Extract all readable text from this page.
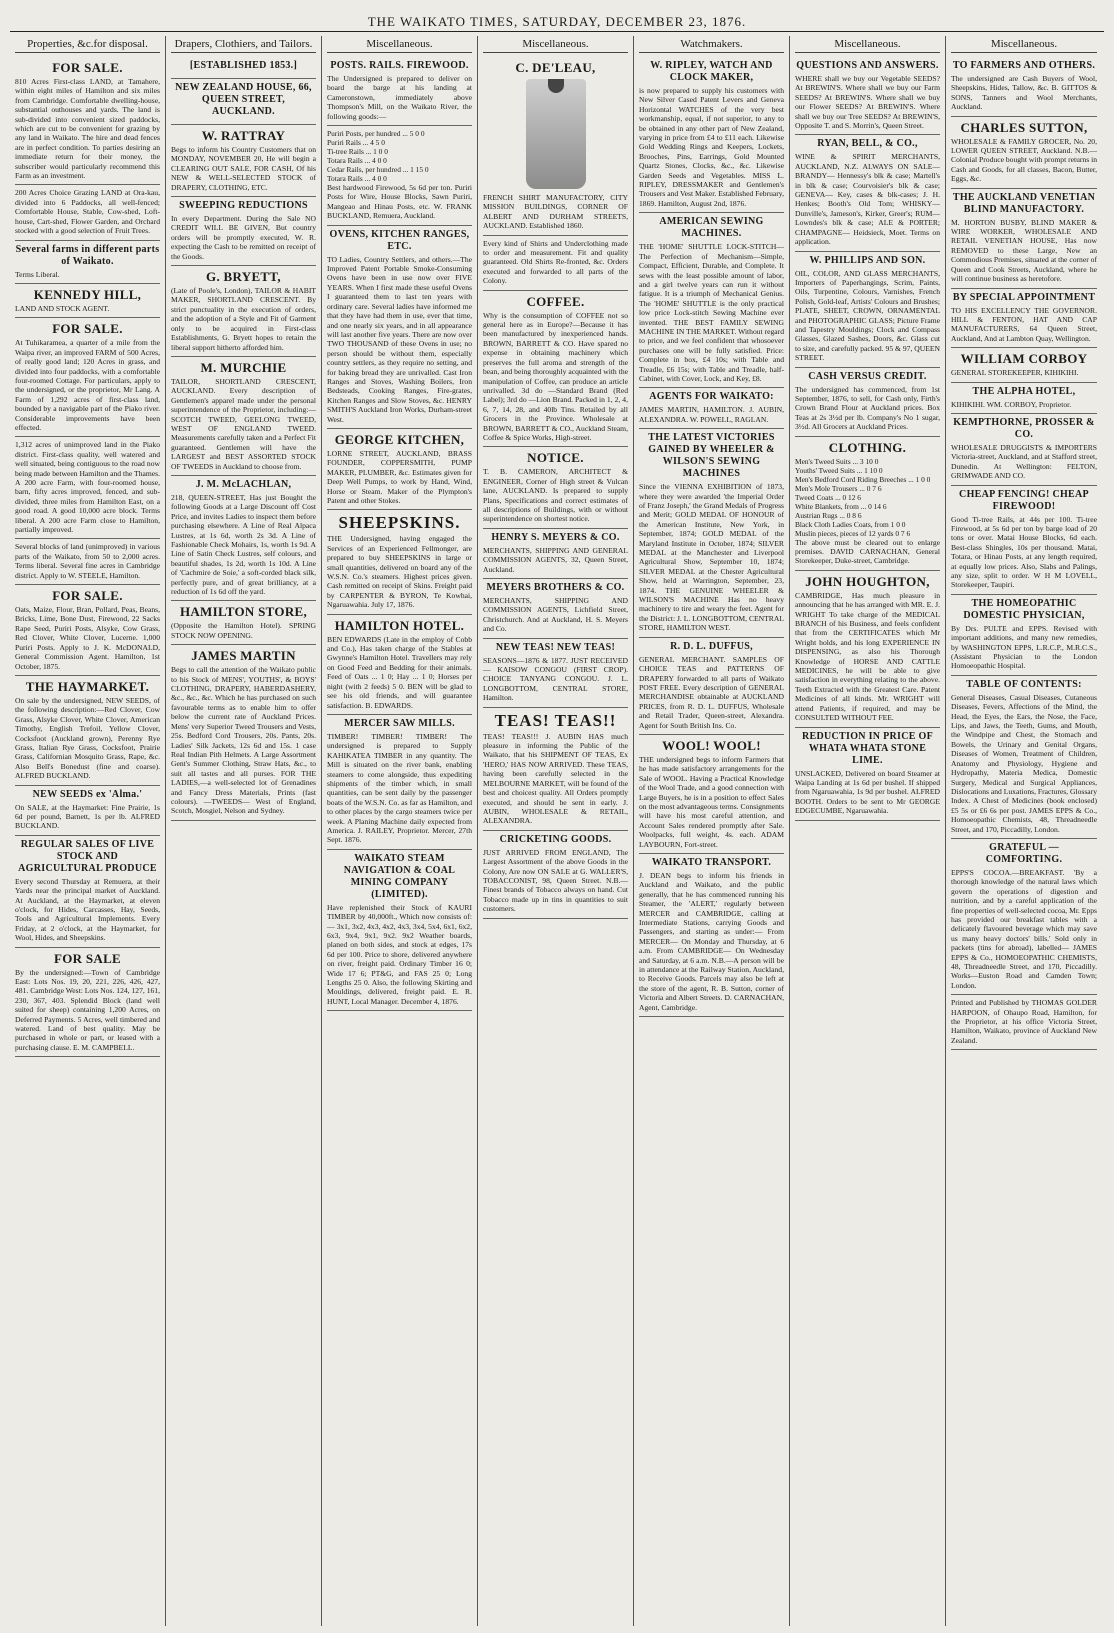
THE WAIKATO TIMES, SATURDAY, DECEMBER 23, 1876.
Properties, &c.for disposal.
FOR SALE.
810 Acres First-class LAND, at Tamahere, within eight miles of Hamilton and six miles from Cambridge. Comfortable dwelling-house, substantial outhouses and yards. The land is sub-divided into convenient sized paddocks, which are cut to be convenient for grazing by any land in Waikato. The hire and dead fences are in perfect condition. To parties desiring an immediate return for their money, the subscriber would particularly recommend this Farm as an investment.
200 Acres Choice Grazing LAND at Ora-kau, divided into 6 Paddocks, all well-fenced; Comfortable House, Stable, Cow-shed, Loft-house, Cart-shed, Flower Garden, and Orchard stocked with a good selection of Fruit Trees.
Several farms in different parts of Waikato.
Terms Liberal.
KENNEDY HILL,
LAND AND STOCK AGENT.
FOR SALE.
At Tuhikaramea, a quarter of a mile from the Waipa river, an improved FARM of 500 Acres, of really good land; 120 Acres in grass, and divided into four paddocks, with a comfortable four-roomed Cottage. For particulars, apply to the undersigned, or the proprietor, Mr Lang. A Farm of 1,292 acres of first-class land, bounded by a navigable part of the Piako river. Considerable improvements have been effected.
1,312 acres of unimproved land in the Piako district. First-class quality, well watered and well situated, being contiguous to the road now being made between Hamilton and the Thames. A 200 acre Farm, with four-roomed house, barn, fifty acres improved, fenced, and sub-divided, three miles from Hamilton East, on a good road. A good 10,000 acre block. Terms liberal. A 200 acre Farm close to Hamilton, partially improved.
Several blocks of land (unimproved) in various parts of the Waikato, from 50 to 2,000 acres. Terms liberal. Several fine acres in Cambridge district. Apply to W. STEELE, Hamilton.
FOR SALE.
Oats, Maize, Flour, Bran, Pollard, Peas, Beans, Bricks, Lime, Bone Dust, Firewood, 22 Sacks Rape Seed, Puriri Posts, Alsyke, Cow Grass, Red Clover, White Clover, Lucerne. 1,000 Puriri Posts. Apply to J. K. McDONALD, General Commission Agent. Hamilton, 1st October, 1875.
THE HAYMARKET.
On sale by the undersigned, NEW SEEDS, of the following description:—Red Clover, Cow Grass, Alsyke Clover, White Clover, American Timothy, English Trefoil, Yellow Clover, Cocksfoot (Auckland grown), Perenny Rye Grass, Italian Rye Grass, Cocksfoot, Prairie Grass, Californian Mosquito Grass, Rape, &c. Also Bell's Bonedust (fine and coarse). ALFRED BUCKLAND.
NEW SEEDS ex 'Alma.'
On SALE, at the Haymarket: Fine Prairie, 1s 6d per pound, Barnett, 1s per lb. ALFRED BUCKLAND.
REGULAR SALES OF LIVE STOCK AND AGRICULTURAL PRODUCE
Every second Thursday at Remuera, at their Yards near the principal market of Auckland. At Auckland, at the Haymarket, at eleven o'clock, for Hides, Carcasses, Hay, Seeds, Tools and Agricultural Implements. Every Friday, at 2 o'clock, at the Haymarket, for Wool, Hides, and Sheepskins.
FOR SALE
By the undersigned:—Town of Cambridge East: Lots Nos. 19, 20, 221, 226, 426, 427, 481. Cambridge West: Lots Nos. 124, 127, 161, 230, 367, 403. Splendid Block (land well suited for sheep) containing 1,200 Acres, on Deferred Payments. 5 Acres, well timbered and watered. Land of best quality. May be purchased in whole or part, or leased with a purchasing clause. E. M. CAMPBELL.
Drapers, Clothiers, and Tailors.
[ESTABLISHED 1853.]
NEW ZEALAND HOUSE, 66, QUEEN STREET, AUCKLAND.
W. RATTRAY
Begs to inform his Country Customers that on MONDAY, NOVEMBER 20, He will begin a CLEARING OUT SALE, FOR CASH, Of his NEW & WELL-SELECTED STOCK of DRAPERY, CLOTHING, ETC.
SWEEPING REDUCTIONS
In every Department. During the Sale NO CREDIT WILL BE GIVEN, But country orders will be promptly executed, W. R. expecting the Cash to be remitted on receipt of the Goods.
G. BRYETT,
(Late of Poole's, London), TAILOR & HABIT MAKER, SHORTLAND CRESCENT. By strict punctuality in the execution of orders, and the adoption of a Style and Fit of Garment only to be acquired in First-class Establishments, G. Bryett hopes to retain the liberal support hitherto afforded him.
M. MURCHIE
TAILOR, SHORTLAND CRESCENT, AUCKLAND. Every description of Gentlemen's apparel made under the personal superintendence of the Proprietor, including:—SCOTCH TWEED, GEELONG TWEED, WEST OF ENGLAND TWEED. Measurements carefully taken and a Perfect Fit guaranteed. Gentlemen will have the LARGEST and BEST ASSORTED STOCK OF TWEEDS in Auckland to choose from.
J. M. McLACHLAN,
218, QUEEN-STREET, Has just Bought the following Goods at a Large Discount off Cost Price, and invites Ladies to inspect them before purchasing elsewhere. A Line of Real Alpaca Lustres, at 1s 6d, worth 2s 3d. A Line of Fashionable Check Mohairs, 1s, worth 1s 9d. A Line of Satin Check Lustres, self colours, and beautiful shades, 1s 2d, worth 1s 10d. A Line of 'Cachmire de Soie,' a soft-corded black silk, perfectly pure, and of great brilliancy, at a reduction of 1s 6d off the yard.
HAMILTON STORE,
(Opposite the Hamilton Hotel). SPRING STOCK NOW OPENING.
JAMES MARTIN
Begs to call the attention of the Waikato public to his Stock of MENS', YOUTHS', & BOYS' CLOTHING, DRAPERY, HABERDASHERY, &c., &c., &c. Which he has purchased on such favourable terms as to enable him to offer below the current rate of Auckland Prices. Mens' very Superior Tweed Trousers and Vests, 25s. Bedford Cord Trousers, 20s. Pants, 20s. Ladies' Silk Jackets, 12s 6d and 15s. 1 case Real Indian Pith Helmets. A Large Assortment Gent's Summer Clothing, Straw Hats, &c., to suit all tastes and all purses. FOR THE LADIES,—a well-selected lot of Grenadines and Fancy Dress Materials, Prints (fast colours). —TWEEDS— West of England, Scotch, Mosgiel, Nelson and Sydney.
Miscellaneous.
POSTS. RAILS. FIREWOOD.
The Undersigned is prepared to deliver on board the barge at his landing at Cameronstown, immediately above Thompson's Mill, on the Waikato River, the following goods:—
Puriri Posts, per hundred ... 5 0 0
Puriri Rails ... 4 5 0
Ti-tree Rails ... 1 0 0
Totara Rails ... 4 0 0
Cedar Rails, per hundred ... 1 15 0
Totara Rails ... 4 0 0
Best hardwood Firewood, 5s 6d per ton. Puriri Posts for Wire, House Blocks, Sawn Puriri, Mangeao and Hinau Posts, etc. W. FRANK BUCKLAND, Remuera, Auckland.
OVENS, KITCHEN RANGES, ETC.
TO Ladies, Country Settlers, and others.—The Improved Patent Portable Smoke-Consuming Ovens have been in use now over FIVE YEARS. When I first made these useful Ovens I guaranteed them to last ten years with ordinary care. Several ladies have informed me that they have had them in use, ever that time, and one nearly six years, and in all appearance will last another five years. There are now over TWO THOUSAND of these Ovens in use; no person should be without them, especially country settlers, as they require no setting, and for baking bread they are unrivalled. Cast Iron Ranges and Stoves, Washing Boilers, Iron Bedsteads, Cooking Ranges, Fire-grates, Kitchen Ranges and Slow Stoves, &c. HENRY SMITH'S Auckland Iron Works, Durham-street West.
GEORGE KITCHEN,
LORNE STREET, AUCKLAND, BRASS FOUNDER, COPPERSMITH, PUMP MAKER, PLUMBER, &c. Estimates given for Deep Well Pumps, to work by Hand, Wind, Horse or Steam. Maker of the Plympton's Patent and other Stokes.
SHEEPSKINS.
THE Undersigned, having engaged the Services of an Experienced Fellmonger, are prepared to buy SHEEPSKINS in large or small quantities, delivered on board any of the W.S.N. Co.'s steamers. Highest prices given. Cash remitted on receipt of Skins. Freight paid by CARPENTER & BYRON, Te Kowhai, Ngaruawahia. July 17, 1876.
HAMILTON HOTEL.
BEN EDWARDS (Late in the employ of Cobb and Co.), Has taken charge of the Stables at Gwynne's Hamilton Hotel. Travellers may rely on Good Feed and Bedding for their animals. Feed of Oats ... 1 0; Hay ... 1 0; Horses per night (with 2 feeds) 5 0. BEN will be glad to see his old friends, and will guarantee satisfaction. B. EDWARDS.
MERCER SAW MILLS.
TIMBER! TIMBER! TIMBER! The undersigned is prepared to Supply KAHIKATEA TIMBER in any quantity. The Mill is situated on the river bank, enabling steamers to come alongside, thus expediting shipments of the timber which, in small quantities, can be sent daily by the passenger boats of the W.S.N. Co. as far as Hamilton, and to other places by the cargo steamers twice per week. A Planing Machine daily expected from America. J. RAILEY, Proprietor. Mercer, 27th Sept. 1876.
WAIKATO STEAM NAVIGATION & COAL MINING COMPANY (LIMITED).
Have replenished their Stock of KAURI TIMBER by 40,000ft., Which now consists of:— 3x1, 3x2, 4x3, 4x2, 4x3, 3x4, 5x4, 6x1, 6x2, 6x3, 9x4, 9x1, 9x2. 9x2 Weather boards, planed on both sides, and stock at edges, 17s 6d per 100. Price to shore, delivered anywhere on river, freight paid. Ordinary Timber 16 0; Wide 17 6; PT&G, and FAS 25 0; Long Lengths 25 0. Also, the following Skirting and Mouldings, delivered, freight paid. E. R. HUNT, Local Manager. December 4, 1876.
Miscellaneous.
C. DE'LEAU,
FRENCH SHIRT MANUFACTORY, CITY MISSION BUILDINGS, CORNER OF ALBERT AND DURHAM STREETS, AUCKLAND. Established 1860.
Every kind of Shirts and Underclothing made to order and measurement. Fit and quality guaranteed. Old Shirts Re-fronted, &c. Orders executed and forwarded to all parts of the Colony.
COFFEE.
Why is the consumption of COFFEE not so general here as in Europe?—Because it has been manufactured by inexperienced hands. BROWN, BARRETT & CO. Have spared no expense in obtaining machinery which preserves the full aroma and strength of the bean, and being thoroughly acquainted with the manipulation of Coffee, can produce an article unrivalled. 3d do —Standard Brand (Red Label); 3rd do —Lion Brand. Packed in 1, 2, 4, 6, 7, 14, 28, and 40lb Tins. Retailed by all Grocers in the Province. Wholesale at BROWN, BARRETT & CO., Auckland Steam, Coffee & Spice Works, High-street.
NOTICE.
T. B. CAMERON, ARCHITECT & ENGINEER, Corner of High street & Vulcan lane, AUCKLAND. Is prepared to supply Plans, Specifications and correct estimates of all descriptions of Buildings, with or without superintendence on shortest notice.
HENRY S. MEYERS & CO.
MERCHANTS, SHIPPING AND GENERAL COMMISSION AGENTS, 32, Queen Street, Auckland.
MEYERS BROTHERS & CO.
MERCHANTS, SHIPPING AND COMMISSION AGENTS, Lichfield Street, Christchurch. And at Auckland, H. S. Meyers and Co.
NEW TEAS! NEW TEAS!
SEASONS—1876 & 1877. JUST RECEIVED— KAISOW CONGOU (FIRST CROP). CHOICE TANYANG CONGOU. J. L. LONGBOTTOM, CENTRAL STORE, Hamilton.
TEAS! TEAS!!
TEAS! TEAS!!! J. AUBIN HAS much pleasure in informing the Public of the Waikato, that his SHIPMENT OF TEAS, Ex 'HERO,' HAS NOW ARRIVED. These TEAS, having been carefully selected in the MELBOURNE MARKET, will be found of the best and choicest quality. All Orders promptly executed, and should be sent in early. J. AUBIN, WHOLESALE & RETAIL, ALEXANDRA.
CRICKETING GOODS.
JUST ARRIVED FROM ENGLAND, The Largest Assortment of the above Goods in the Colony, Are now ON SALE at G. WALLER'S, TOBACCONIST, 98, Queen Street. N.B.—Finest brands of Tobacco always on hand. Cut Tobacco made up in tins in quantities to suit customers.
Watchmakers.
W. RIPLEY, WATCH AND CLOCK MAKER,
is now prepared to supply his customers with New Silver Cased Patent Levers and Geneva Horizontal WATCHES of the very best workmanship, equal, if not superior, to any to be obtained in any other part of New Zealand, varying in price from £4 to £11 each. Likewise Gold Wedding Rings and Keepers, Lockets, Brooches, Pins, Earrings, Gold Mounted Quartz Stones, Clocks, &c., &c. Likewise Garden Seeds and Vegetables. MISS L. RIPLEY, DRESSMAKER and Gentlemen's Trousers and Vest Maker. Established February, 1869. Hamilton, August 2nd, 1876.
AMERICAN SEWING MACHINES.
THE 'HOME' SHUTTLE LOCK-STITCH—The Perfection of Mechanism—Simple, Compact, Efficient, Durable, and Complete. It sews with the least possible amount of labor, and a girl twelve years can run it without fatigue. It is a triumph of Mechanical Genius. The 'HOME' SHUTTLE is the only practical low price Lock-stitch Sewing Machine ever invented. THE BEST FAMILY SEWING MACHINE IN THE MARKET. Without regard to price, and we feel confident that whosoever purchases one will be fully satisfied. Price: Complete in box, £4 10s; with Table and Treadle, £6 15s; with Table and Treadle, half-Cabinet, with Cover, Lock, and Key, £8.
AGENTS FOR WAIKATO:
JAMES MARTIN, HAMILTON. J. AUBIN, ALEXANDRA. W. POWELL, RAGLAN.
THE LATEST VICTORIES GAINED BY WHEELER & WILSON'S SEWING MACHINES
Since the VIENNA EXHIBITION of 1873, where they were awarded 'the Imperial Order of Franz Joseph,' the Grand Medals of Progress and Merit; GOLD MEDAL OF HONOUR of the American Institute, New York, in September, 1874; GOLD MEDAL of the Maryland Institute in October, 1874; SILVER MEDAL at the Manchester and Liverpool Agricultural Show, September 10, 1874; SILVER MEDAL at the Chester Agricultural Show, held at Warrington, September, 23, 1874. THE GENUINE WHEELER & WILSON'S MACHINE Has no heavy machinery to tire and weary the feet. Agent for the District: J. L. LONGBOTTOM, CENTRAL STORE, HAMILTON WEST.
R. D. L. DUFFUS,
GENERAL MERCHANT. SAMPLES OF CHOICE TEAS and PATTERNS OF DRAPERY forwarded to all parts of Waikato POST FREE. Every description of GENERAL MERCHANDISE obtainable at AUCKLAND PRICES, from R. D. L. DUFFUS, Wholesale and Retail Trader, Queen-street, Alexandra. Agent for South British Ins. Co.
WOOL! WOOL!
THE undersigned begs to inform Farmers that he has made satisfactory arrangements for the Sale of WOOL. Having a Practical Knowledge of the Wool Trade, and a good connection with Large Buyers, he is in a position to effect Sales on the most advantageous terms. Consignments will have his most careful attention, and Account Sales rendered promptly after Sale. Woolpacks, full weight, 4s. each. ADAM LAYBOURN, Fort-street.
WAIKATO TRANSPORT.
J. DEAN begs to inform his friends in Auckland and Waikato, and the public generally, that he has commenced running his Steamer, the 'ALERT,' regularly between MERCER and CAMBRIDGE, calling at Intermediate Stations, carrying Goods and Passengers, and starting as under:— From MERCER— On Monday and Thursday, at 6 a.m. From CAMBRIDGE— On Wednesday and Saturday, at 6 a.m. N.B.—A person will be in attendance at the Railway Station, Auckland, to Receive Goods. Parcels may also be left at the store of the agent, R. B. Sutton, corner of Victoria and Albert Streets. D. CARNACHAN, Agent, Cambridge.
Miscellaneous.
QUESTIONS AND ANSWERS.
WHERE shall we buy our Vegetable SEEDS? At BREWIN'S. Where shall we buy our Farm SEEDS? At BREWIN'S. Where shall we buy our Flower SEEDS? At BREWIN'S. Where shall we buy our Tree SEEDS? At BREWIN'S, Opposite T. and S. Morrin's, Queen Street.
RYAN, BELL, & CO.,
WINE & SPIRIT MERCHANTS, AUCKLAND, N.Z. ALWAYS ON SALE— BRANDY— Hennessy's blk & case; Martell's in blk & case; Courvoisier's blk & case; GENEVA— Key, cases & blk-cases; J. H. Henkes; Booth's Old Tom; WHISKY— Dunville's, Jameson's, Kirker, Greer's; RUM— Lowndes's blk & case; ALE & PORTER; CHAMPAGNE— Heidsieck, Moet. Terms on application.
W. PHILLIPS AND SON.
OIL, COLOR, AND GLASS MERCHANTS, Importers of Paperhangings, Scrim, Paints, Oils, Turpentine, Colours, Varnishes, French Polish, Gold-leaf, Artists' Colours and Brushes; PLATE, SHEET, CROWN, ORNAMENTAL and PHOTOGRAPHIC GLASS; Picture Frame and Tapestry Mouldings; Clock and Compass Glasses, Glazed Sashes, Doors, &c. Glass cut to size, and carefully packed. 95 & 97, QUEEN STREET.
CASH VERSUS CREDIT.
The undersigned has commenced, from 1st September, 1876, to sell, for Cash only, Firth's Crown Brand Flour at Auckland prices. Box Teas at 2s 3½d per lb. Company's No 1 sugar, 3½d. All Grocers at Auckland Prices.
CLOTHING.
Men's Tweed Suits ... 3 10 0
Youths' Tweed Suits ... 1 10 0
Men's Bedford Cord Riding Breeches ... 1 0 0
Men's Mole Trousers ... 0 7 6
Tweed Coats ... 0 12 6
White Blankets, from ... 0 14 6
Austrian Rugs ... 0 8 6
Black Cloth Ladies Coats, from 1 0 0
Muslin pieces, pieces of 12 yards 0 7 6
The above must be cleared out to enlarge premises. DAVID CARNACHAN, General Storekeeper, Duke-street, Cambridge.
JOHN HOUGHTON,
CAMBRIDGE, Has much pleasure in announcing that he has arranged with MR. E. J. WRIGHT To take charge of the MEDICAL BRANCH of his Business, and feels confident that from the CERTIFICATES which Mr Wright holds, and his long EXPERIENCE IN DISPENSING, as also his Thorough Knowledge of HORSE AND CATTLE MEDICINES, he will be able to give satisfaction in everything relating to the above. Teeth Extracted with the Greatest Care. Patent Medicines of all kinds. Mr. WRIGHT will attend Patients, if required, and may be CONSULTED WITHOUT FEE.
REDUCTION IN PRICE OF WHATA WHATA STONE LIME.
UNSLACKED, Delivered on board Steamer at Waipa Landing at 1s 6d per bushel. If shipped from Ngaruawahia, 1s 9d per bushel. ALFRED BOOTH. Orders to be sent to Mr GEORGE EDGECUMBE, Ngaruawahia.
Miscellaneous.
TO FARMERS AND OTHERS.
The undersigned are Cash Buyers of Wool, Sheepskins, Hides, Tallow, &c. B. GITTOS & SONS, Tanners and Wool Merchants, Auckland.
CHARLES SUTTON,
WHOLESALE & FAMILY GROCER, No. 20, LOWER QUEEN STREET, Auckland. N.B.—Colonial Produce bought with prompt returns in Cash and Goods, for all classes, Bacon, Butter, Eggs, &c.
THE AUCKLAND VENETIAN BLIND MANUFACTORY.
M. HORTON BUSBY, BLIND MAKER & WIRE WORKER, WHOLESALE AND RETAIL VENETIAN HOUSE, Has now REMOVED to these Large, New an Commodious Premises, situated at the corner of Queen and Cook Streets, Auckland, where he will continue business as heretofore.
BY SPECIAL APPOINTMENT
TO HIS EXCELLENCY THE GOVERNOR. HILL & FENTON, HAT AND CAP MANUFACTURERS, 64 Queen Street, Auckland, And at Lambton Quay, Wellington.
WILLIAM CORBOY
GENERAL STOREKEEPER, KIHIKIHI.
THE ALPHA HOTEL,
KIHIKIHI. WM. CORBOY, Proprietor.
KEMPTHORNE, PROSSER & CO.
WHOLESALE DRUGGISTS & IMPORTERS Victoria-street, Auckland, and at Stafford street, Dunedin. At Wellington: FELTON, GRIMWADE AND CO.
CHEAP FENCING! CHEAP FIREWOOD!
Good Ti-tree Rails, at 44s per 100. Ti-tree Firewood, at 5s 6d per ton by barge load of 20 tons or over. Matai House Blocks, 6d each. Best-class Shingles, 10s per thousand. Matai, Totara, or Hinau Posts, at any length required, at equally low prices. Also, Slabs and Palings, any size, split to order. W H M LOVELL, Storekeeper, Taupiri.
THE HOMEOPATHIC DOMESTIC PHYSICIAN,
By Drs. PULTE and EPPS. Revised with important additions, and many new remedies, by WASHINGTON EPPS, L.R.C.P., M.R.C.S., (Assistant Physician to the London Homoeopathic Hospital.
TABLE OF CONTENTS:
General Diseases, Casual Diseases, Cutaneous Diseases, Fevers, Affections of the Mind, the Head, the Eyes, the Ears, the Nose, the Face, Lips, and Jaws, the Teeth, Gums, and Mouth, the Windpipe and Chest, the Stomach and Bowels, the Urinary and Genital Organs, Diseases of Women, Treatment of Children, Anatomy and Physiology, Hygiene and Hydropathy, Materia Medica, Domestic Surgery, Medical and Surgical Appliances, Dislocations and Luxations, Fractures, Glossary Index. A Chest of Medicines (book enclosed) £5 5s or £6 6s per post. JAMES EPPS & Co., Homoeopathic Chemists, 48, Threadneedle Street, and 170, Piccadilly, London.
GRATEFUL — COMFORTING.
EPPS'S COCOA.—BREAKFAST. 'By a thorough knowledge of the natural laws which govern the operations of digestion and nutrition, and by a careful application of the fine properties of well-selected cocoa, Mr. Epps has provided our breakfast tables with a delicately flavoured beverage which may save us many heavy doctors' bills.' Sold only in packets (tins for abroad), labelled— JAMES EPPS & Co., HOMOEOPATHIC CHEMISTS, 48, Threadneedle Street, and 170, Piccadilly. Works—Euston Road and Camden Town; London.
Printed and Published by THOMAS GOLDER HARPOON, of Ohaupo Road, Hamilton, for the Proprietor, at his office Victoria Street, Hamilton, Waikato, province of Auckland New Zealand.
